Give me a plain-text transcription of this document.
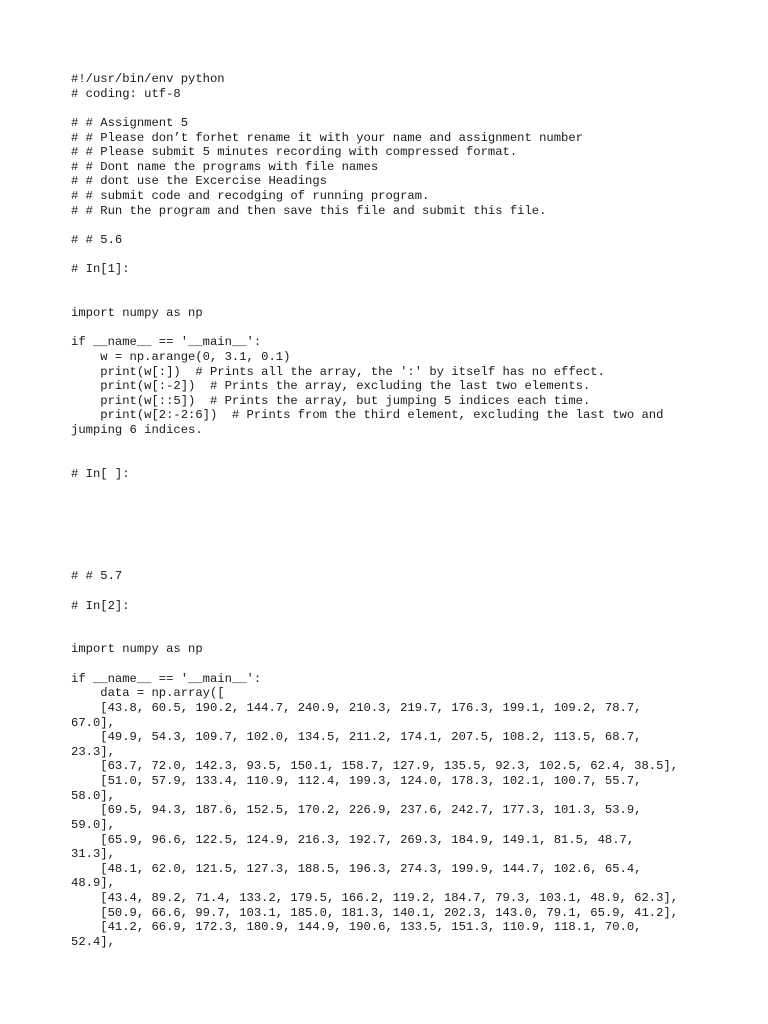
#!/usr/bin/env python
# coding: utf-8
# # Assignment 5
# # Please don’t forhet rename it with your name and assignment number
# # Please submit 5 minutes recording with compressed format.
# # Dont name the programs with file names
# # dont use the Excercise Headings
# # submit code and recodging of running program.
# # Run the program and then save this file and submit this file.
# # 5.6
# In[1]:
import numpy as np
if __name__ == '__main__':
w = np.arange(0, 3.1, 0.1)
print(w[:])  # Prints all the array, the ':' by itself has no effect.
print(w[:-2])  # Prints the array, excluding the last two elements.
print(w[::5])  # Prints the array, but jumping 5 indices each time.
print(w[2:-2:6])  # Prints from the third element, excluding the last two and
jumping 6 indices.
# In[ ]:
# # 5.7
# In[2]:
import numpy as np
if __name__ == '__main__':
data = np.array([
[43.8, 60.5, 190.2, 144.7, 240.9, 210.3, 219.7, 176.3, 199.1, 109.2, 78.7,
67.0],
[49.9, 54.3, 109.7, 102.0, 134.5, 211.2, 174.1, 207.5, 108.2, 113.5, 68.7,
23.3],
[63.7, 72.0, 142.3, 93.5, 150.1, 158.7, 127.9, 135.5, 92.3, 102.5, 62.4, 38.5],
[51.0, 57.9, 133.4, 110.9, 112.4, 199.3, 124.0, 178.3, 102.1, 100.7, 55.7,
58.0],
[69.5, 94.3, 187.6, 152.5, 170.2, 226.9, 237.6, 242.7, 177.3, 101.3, 53.9,
59.0],
[65.9, 96.6, 122.5, 124.9, 216.3, 192.7, 269.3, 184.9, 149.1, 81.5, 48.7,
31.3],
[48.1, 62.0, 121.5, 127.3, 188.5, 196.3, 274.3, 199.9, 144.7, 102.6, 65.4,
48.9],
[43.4, 89.2, 71.4, 133.2, 179.5, 166.2, 119.2, 184.7, 79.3, 103.1, 48.9, 62.3],
[50.9, 66.6, 99.7, 103.1, 185.0, 181.3, 140.1, 202.3, 143.0, 79.1, 65.9, 41.2],
[41.2, 66.9, 172.3, 180.9, 144.9, 190.6, 133.5, 151.3, 110.9, 118.1, 70.0,
52.4],
